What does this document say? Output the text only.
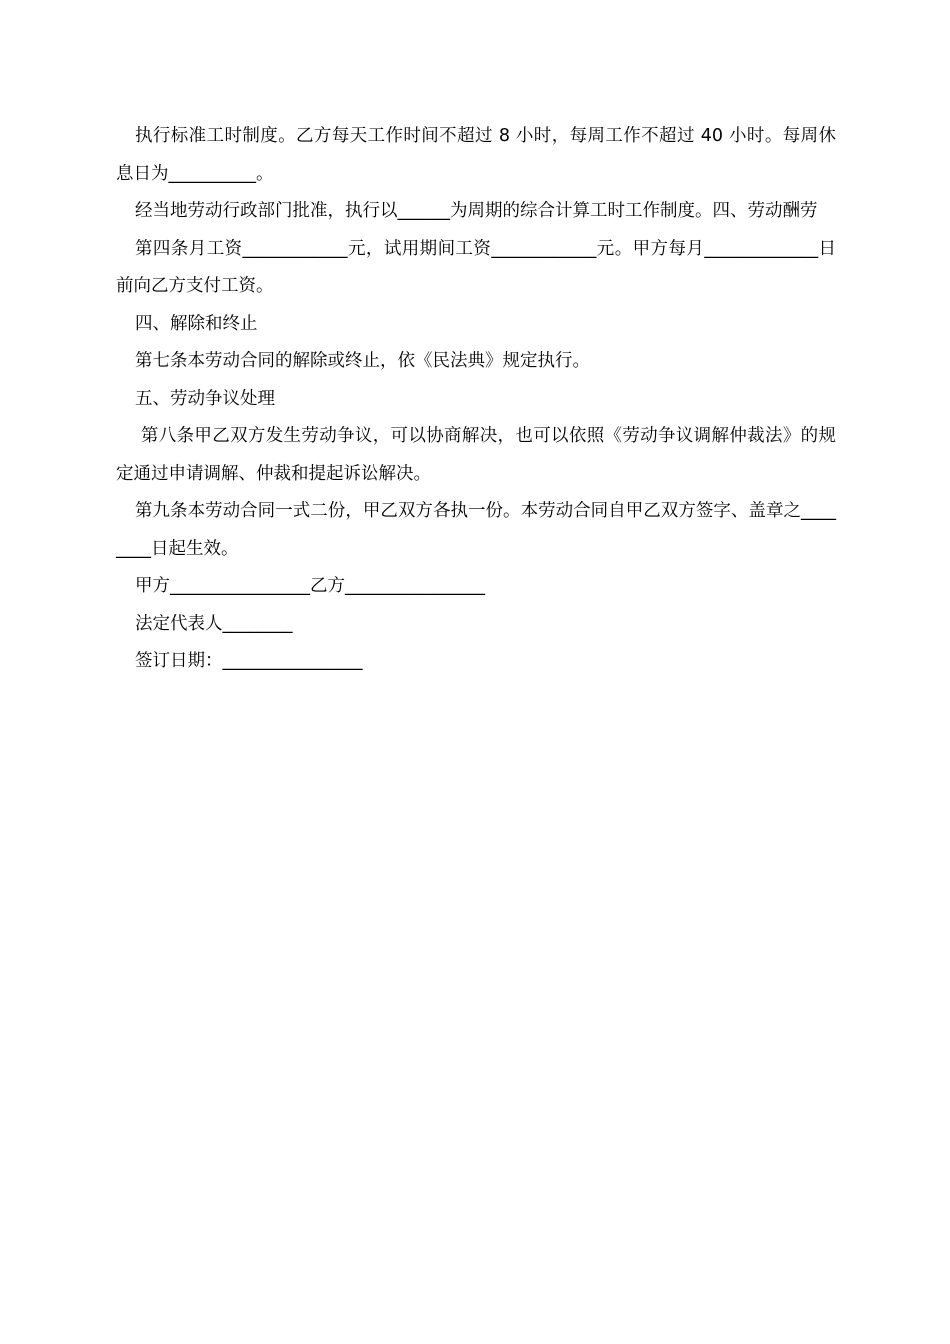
执行标准工时制度。乙方每天工作时间不超过 8 小时，每周工作不超过 40 小时。每周休息日为__________。

经当地劳动行政部门批准，执行以______为周期的综合计算工时工作制度。四、劳动酬劳

第四条月工资____________元，试用期间工资____________元。甲方每月_____________日前向乙方支付工资。

四、解除和终止

第七条本劳动合同的解除或终止，依《民法典》规定执行。

五、劳动争议处理

第八条甲乙双方发生劳动争议，可以协商解决，也可以依照《劳动争议调解仲裁法》的规定通过申请调解、仲裁和提起诉讼解决。

第九条本劳动合同一式二份，甲乙双方各执一份。本劳动合同自甲乙双方签字、盖章之________日起生效。

甲方________________乙方________________

法定代表人________

签订日期：________________
